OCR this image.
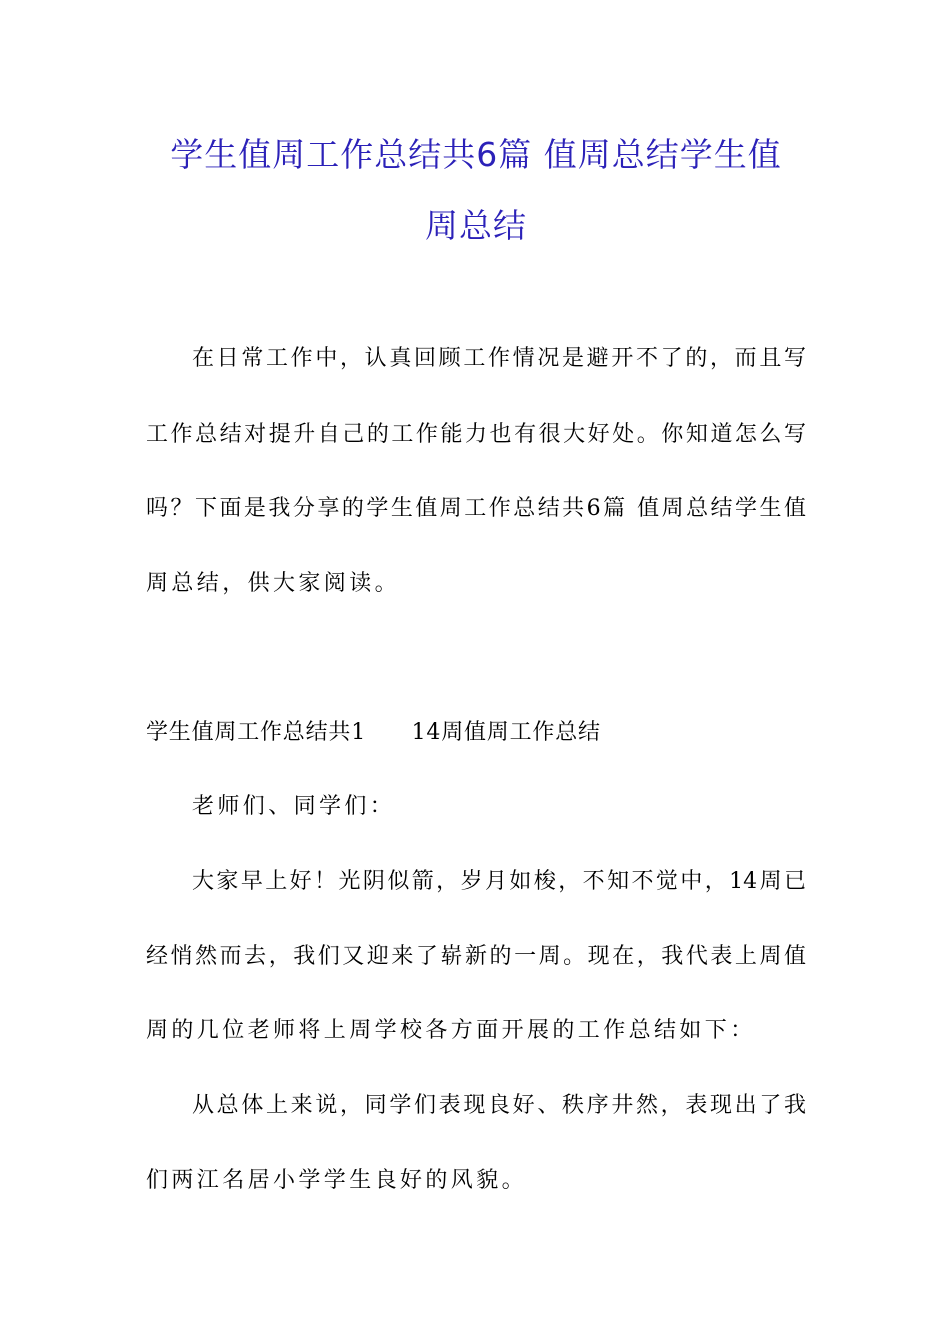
学生值周工作总结共6篇 值周总结学生值
周总结
在日常工作中，认真回顾工作情况是避开不了的，而且写
工作总结对提升自己的工作能力也有很大好处。你知道怎么写
吗？下面是我分享的学生值周工作总结共6篇 值周总结学生值
周总结，供大家阅读。
学生值周工作总结共1　　14周值周工作总结
老师们、同学们：
大家早上好！光阴似箭，岁月如梭，不知不觉中，14周已
经悄然而去，我们又迎来了崭新的一周。现在，我代表上周值
周的几位老师将上周学校各方面开展的工作总结如下：
从总体上来说，同学们表现良好、秩序井然，表现出了我
们两江名居小学学生良好的风貌。
